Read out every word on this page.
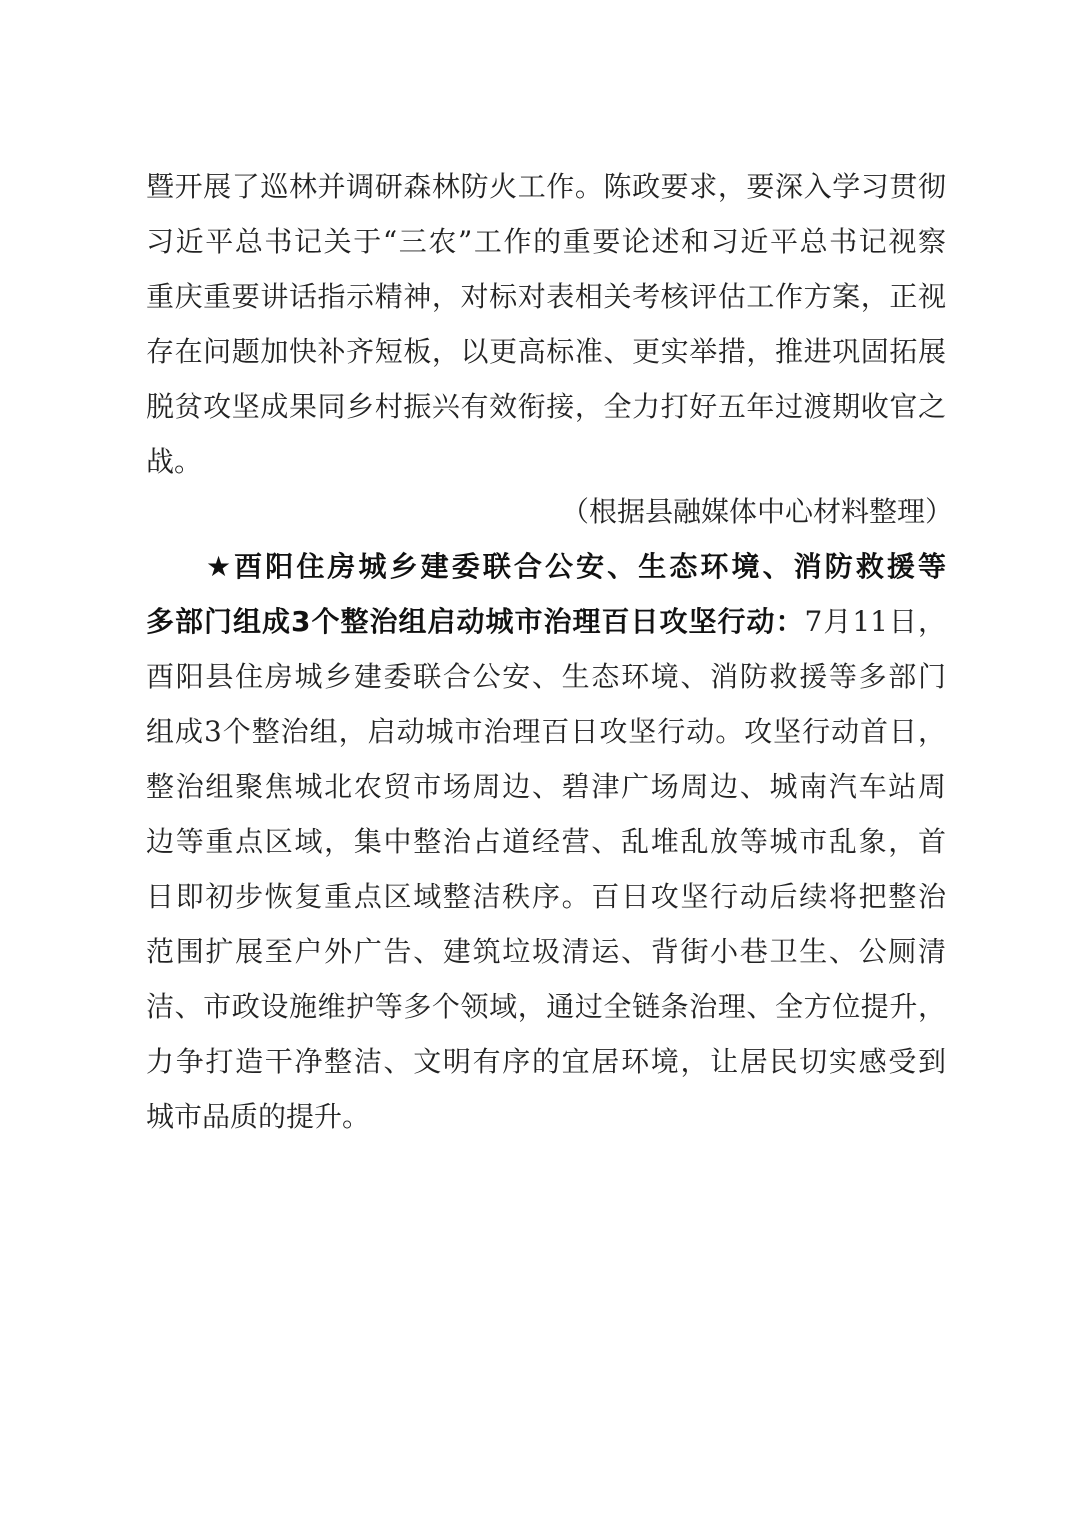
暨开展了巡林并调研森林防火工作。陈政要求，要深入学习贯彻
习近平总书记关于“三农”工作的重要论述和习近平总书记视察
重庆重要讲话指示精神，对标对表相关考核评估工作方案，正视
存在问题加快补齐短板，以更高标准、更实举措，推进巩固拓展
脱贫攻坚成果同乡村振兴有效衔接，全力打好五年过渡期收官之
战。
（根据县融媒体中心材料整理）
★酉阳住房城乡建委联合公安、生态环境、消防救援等
多部门组成3个整治组启动城市治理百日攻坚行动：7月11日，
酉阳县住房城乡建委联合公安、生态环境、消防救援等多部门
组成3个整治组，启动城市治理百日攻坚行动。攻坚行动首日，
整治组聚焦城北农贸市场周边、碧津广场周边、城南汽车站周
边等重点区域，集中整治占道经营、乱堆乱放等城市乱象，首
日即初步恢复重点区域整洁秩序。百日攻坚行动后续将把整治
范围扩展至户外广告、建筑垃圾清运、背街小巷卫生、公厕清
洁、市政设施维护等多个领域，通过全链条治理、全方位提升，
力争打造干净整洁、文明有序的宜居环境，让居民切实感受到
城市品质的提升。
